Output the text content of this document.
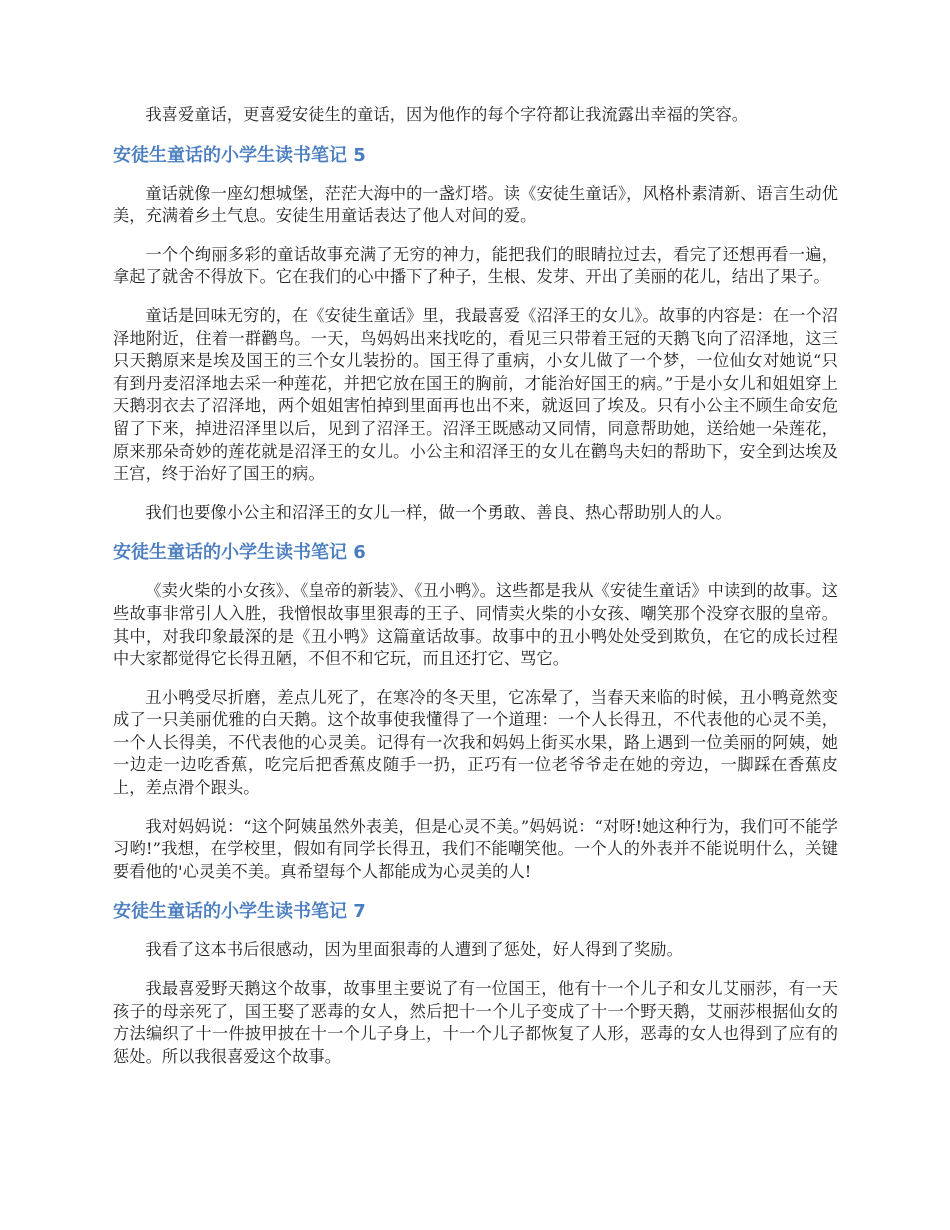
我喜爱童话，更喜爱安徒生的童话，因为他作的每个字符都让我流露出幸福的笑容。

安徒生童话的小学生读书笔记 5

童话就像一座幻想城堡，茫茫大海中的一盏灯塔。读《安徒生童话》，风格朴素清新、语言生动优美，充满着乡土气息。安徒生用童话表达了他人对间的爱。

一个个绚丽多彩的童话故事充满了无穷的神力，能把我们的眼睛拉过去，看完了还想再看一遍，拿起了就舍不得放下。它在我们的心中播下了种子，生根、发芽、开出了美丽的花儿，结出了果子。

童话是回味无穷的，在《安徒生童话》里，我最喜爱《沼泽王的女儿》。故事的内容是：在一个沼泽地附近，住着一群鹳鸟。一天，鸟妈妈出来找吃的，看见三只带着王冠的天鹅飞向了沼泽地，这三只天鹅原来是埃及国王的三个女儿装扮的。国王得了重病，小女儿做了一个梦，一位仙女对她说“只有到丹麦沼泽地去采一种莲花，并把它放在国王的胸前，才能治好国王的病。”于是小女儿和姐姐穿上天鹅羽衣去了沼泽地，两个姐姐害怕掉到里面再也出不来，就返回了埃及。只有小公主不顾生命安危留了下来，掉进沼泽里以后，见到了沼泽王。沼泽王既感动又同情，同意帮助她，送给她一朵莲花，原来那朵奇妙的莲花就是沼泽王的女儿。小公主和沼泽王的女儿在鹳鸟夫妇的帮助下，安全到达埃及王宫，终于治好了国王的病。

我们也要像小公主和沼泽王的女儿一样，做一个勇敢、善良、热心帮助别人的人。

安徒生童话的小学生读书笔记 6

《卖火柴的小女孩》、《皇帝的新装》、《丑小鸭》。这些都是我从《安徒生童话》中读到的故事。这些故事非常引人入胜，我憎恨故事里狠毒的王子、同情卖火柴的小女孩、嘲笑那个没穿衣服的皇帝。其中，对我印象最深的是《丑小鸭》这篇童话故事。故事中的丑小鸭处处受到欺负，在它的成长过程中大家都觉得它长得丑陋，不但不和它玩，而且还打它、骂它。

丑小鸭受尽折磨，差点儿死了，在寒冷的冬天里，它冻晕了，当春天来临的时候，丑小鸭竟然变成了一只美丽优雅的白天鹅。这个故事使我懂得了一个道理：一个人长得丑，不代表他的心灵不美，一个人长得美，不代表他的心灵美。记得有一次我和妈妈上街买水果，路上遇到一位美丽的阿姨，她一边走一边吃香蕉，吃完后把香蕉皮随手一扔，正巧有一位老爷爷走在她的旁边，一脚踩在香蕉皮上，差点滑个跟头。

我对妈妈说：“这个阿姨虽然外表美，但是心灵不美。”妈妈说：“对呀!她这种行为，我们可不能学习哟!”我想，在学校里，假如有同学长得丑，我们不能嘲笑他。一个人的外表并不能说明什么，关键要看他的'心灵美不美。真希望每个人都能成为心灵美的人!

安徒生童话的小学生读书笔记 7

我看了这本书后很感动，因为里面狠毒的人遭到了惩处，好人得到了奖励。

我最喜爱野天鹅这个故事，故事里主要说了有一位国王，他有十一个儿子和女儿艾丽莎，有一天孩子的母亲死了，国王娶了恶毒的女人，然后把十一个儿子变成了十一个野天鹅，艾丽莎根据仙女的方法编织了十一件披甲披在十一个儿子身上，十一个儿子都恢复了人形，恶毒的女人也得到了应有的惩处。所以我很喜爱这个故事。
